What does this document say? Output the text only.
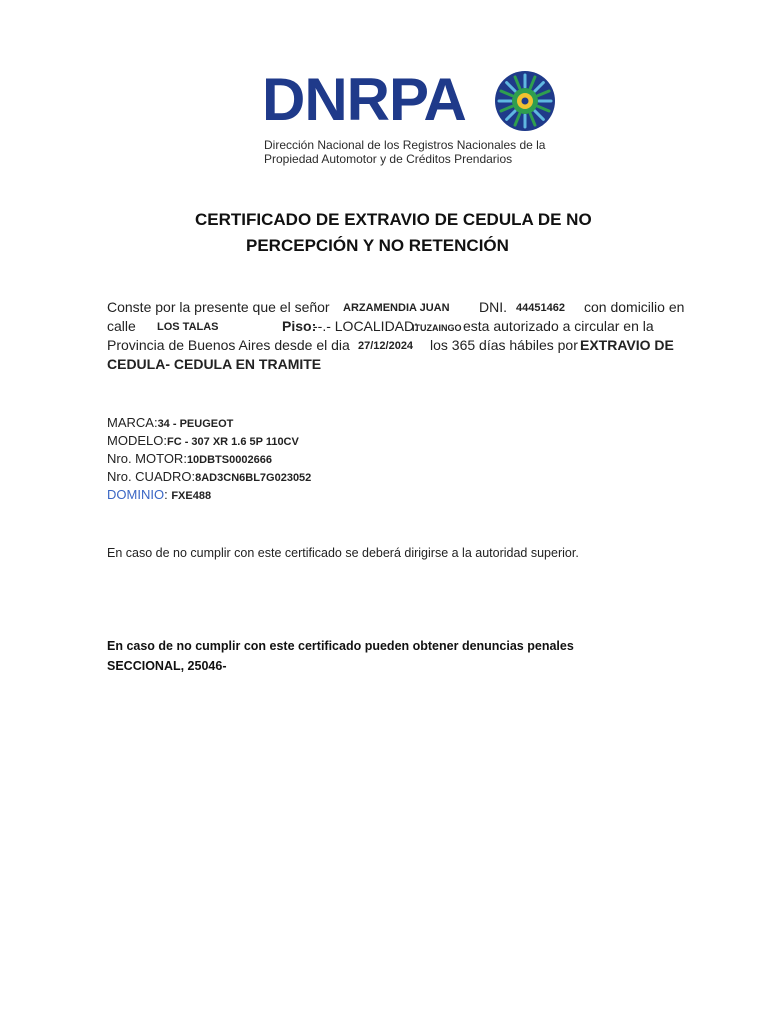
DNRPA
Dirección Nacional de los Registros Nacionales de la
Propiedad Automotor y de Créditos Prendarios
CERTIFICADO DE EXTRAVIO DE CEDULA DE NO
PERCEPCIÓN Y NO RETENCIÓN
Conste por la presente que el señor ARZAMENDIA JUAN DNI. 44451462 con domicilio en
calle LOS TALAS	Piso:
--.- LOCALIDAD:
ITUZAINGO esta autorizado a circular en la
Provincia de Buenos Aires desde el dia 27/12/2024 los 365 días hábiles por EXTRAVIO DE
CEDULA- CEDULA EN TRAMITE
MARCA:34 - PEUGEOT
MODELO:FC - 307 XR 1.6 5P 110CV
Nro. MOTOR:10DBTS0002666
Nro. CUADRO:8AD3CN6BL7G023052
DOMINIO: FXE488
En caso de no cumplir con este certificado se deberá dirigirse a la autoridad superior.
En caso de no cumplir con este certificado pueden obtener denuncias penales
SECCIONAL, 25046-
